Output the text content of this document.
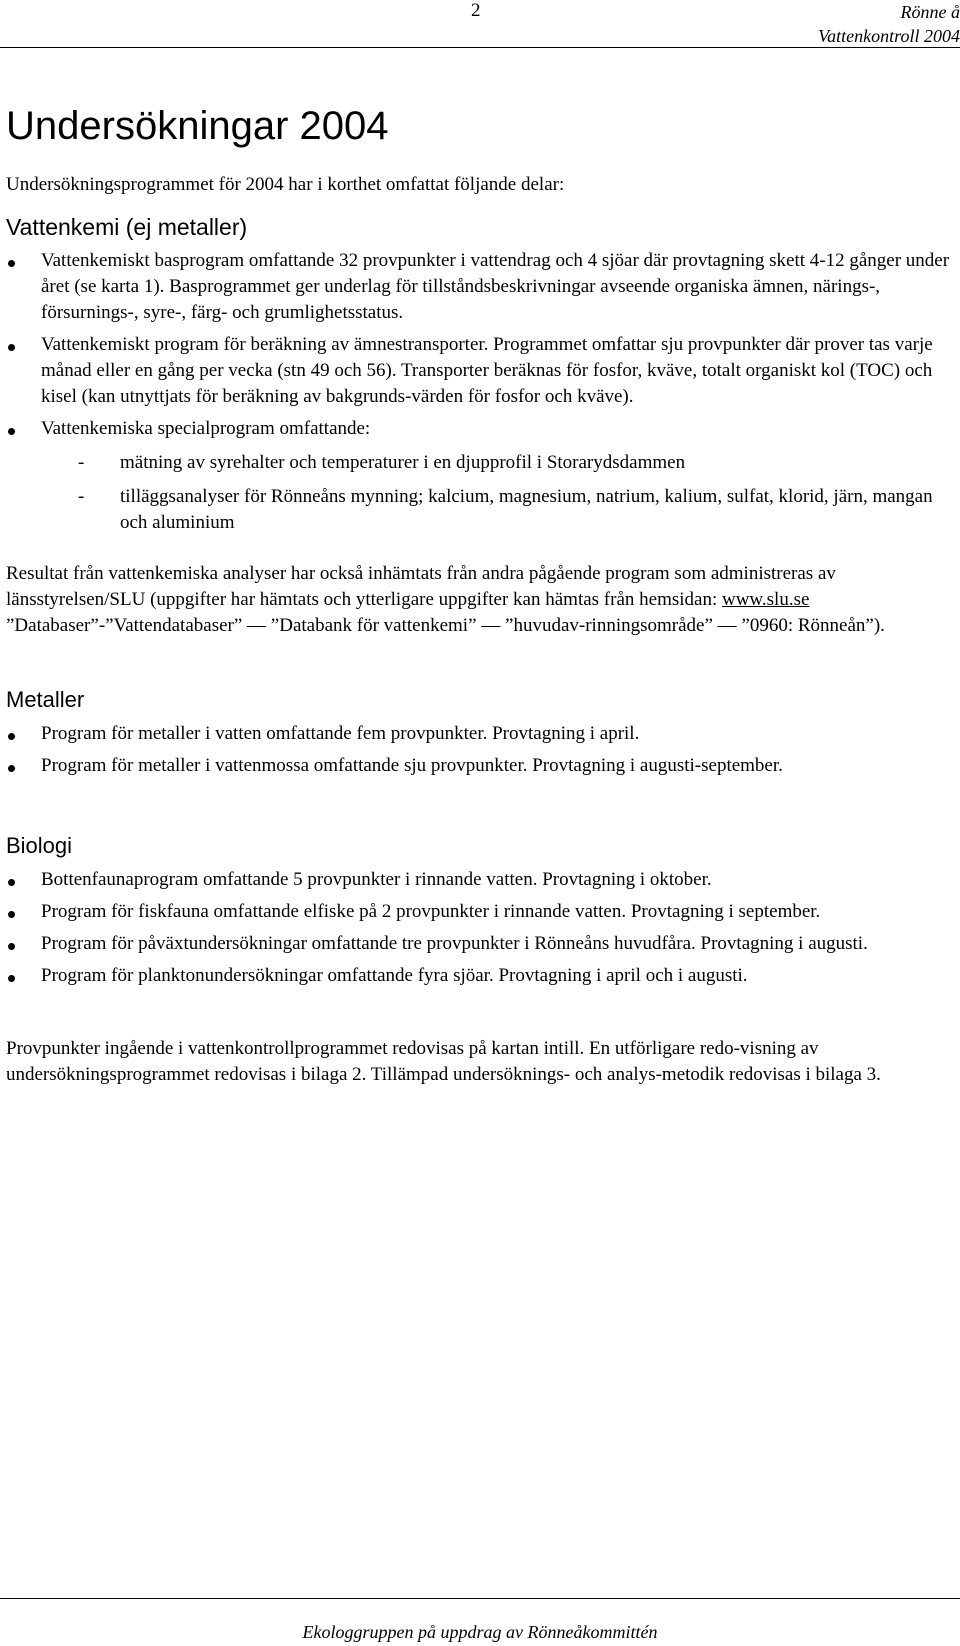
2	Rönne å
Vattenkontroll 2004
Undersökningar 2004

Undersökningsprogrammet för 2004 har i korthet omfattat följande delar:

Vattenkemi (ej metaller)
Vattenkemiskt basprogram omfattande 32 provpunkter i vattendrag och 4 sjöar där provtagning skett 4-12 gånger under året (se karta 1). Basprogrammet ger underlag för tillståndsbeskrivningar avseende organiska ämnen, närings-, försurnings-, syre-, färg- och grumlighetsstatus.
Vattenkemiskt program för beräkning av ämnestransporter. Programmet omfattar sju provpunkter där prover tas varje månad eller en gång per vecka (stn 49 och 56). Transporter beräknas för fosfor, kväve, totalt organiskt kol (TOC) och kisel (kan utnyttjats för beräkning av bakgrunds-värden för fosfor och kväve).
Vattenkemiska specialprogram omfattande:
- mätning av syrehalter och temperaturer i en djupprofil i Storarydsdammen
- tilläggsanalyser för Rönneåns mynning; kalcium, magnesium, natrium, kalium, sulfat, klorid, järn, mangan och aluminium

Resultat från vattenkemiska analyser har också inhämtats från andra pågående program som administreras av länsstyrelsen/SLU (uppgifter har hämtats och ytterligare uppgifter kan hämtas från hemsidan: www.slu.se ”Databaser”-”Vattendatabaser” — ”Databank för vattenkemi” — ”huvudav-rinningsområde” — ”0960: Rönneån”).

Metaller
Program för metaller i vatten omfattande fem provpunkter. Provtagning i april.
Program för metaller i vattenmossa omfattande sju provpunkter. Provtagning i augusti-september.
Biologi
Bottenfaunaprogram omfattande 5 provpunkter i rinnande vatten. Provtagning i oktober.
Program för fiskfauna omfattande elfiske på 2 provpunkter i rinnande vatten. Provtagning i september.
Program för påväxtundersökningar omfattande tre provpunkter i Rönneåns huvudfåra. Provtagning i augusti.
Program för planktonundersökningar omfattande fyra sjöar. Provtagning i april och i augusti.

Provpunkter ingående i vattenkontrollprogrammet redovisas på kartan intill. En utförligare redo-visning av undersökningsprogrammet redovisas i bilaga 2. Tillämpad undersöknings- och analys-metodik redovisas i bilaga 3.

Ekologgruppen på uppdrag av Rönneåkommittén
